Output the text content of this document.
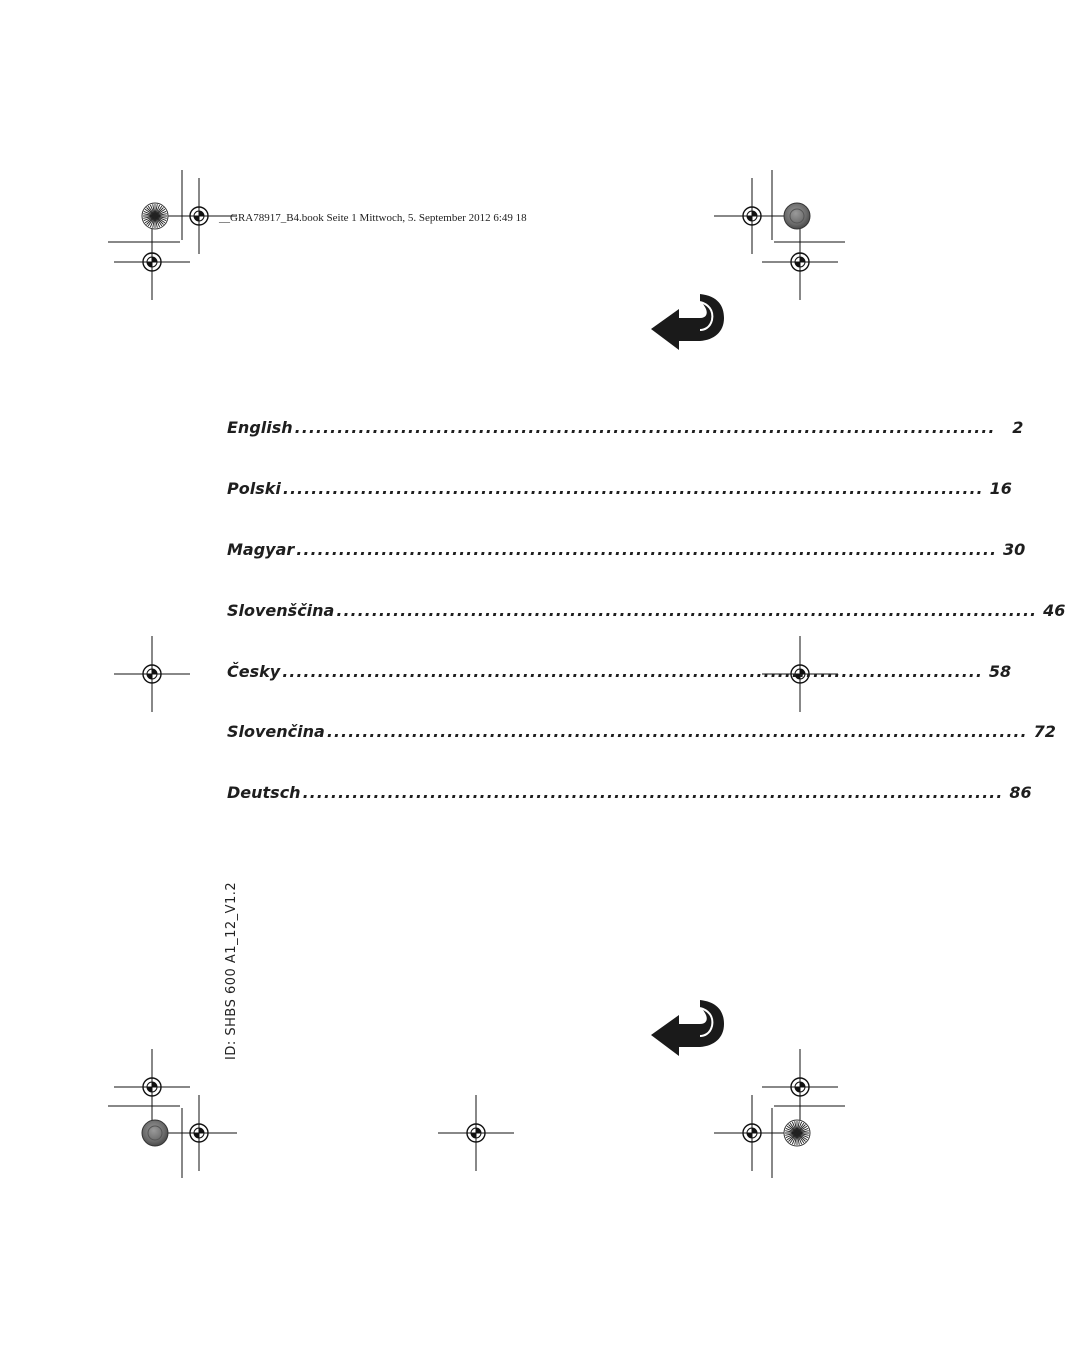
__GRA78917_B4.book Seite 1 Mittwoch, 5. September 2012 6:49 18
English ...................................................................................................	2
Polski ................................................................................................... 16
Magyar ................................................................................................... 30
Slovenščina ................................................................................................... 46
Česky ................................................................................................... 58
Slovenčina ................................................................................................... 72
Deutsch ................................................................................................... 86
ID: SHBS 600 A1_12_V1.2
